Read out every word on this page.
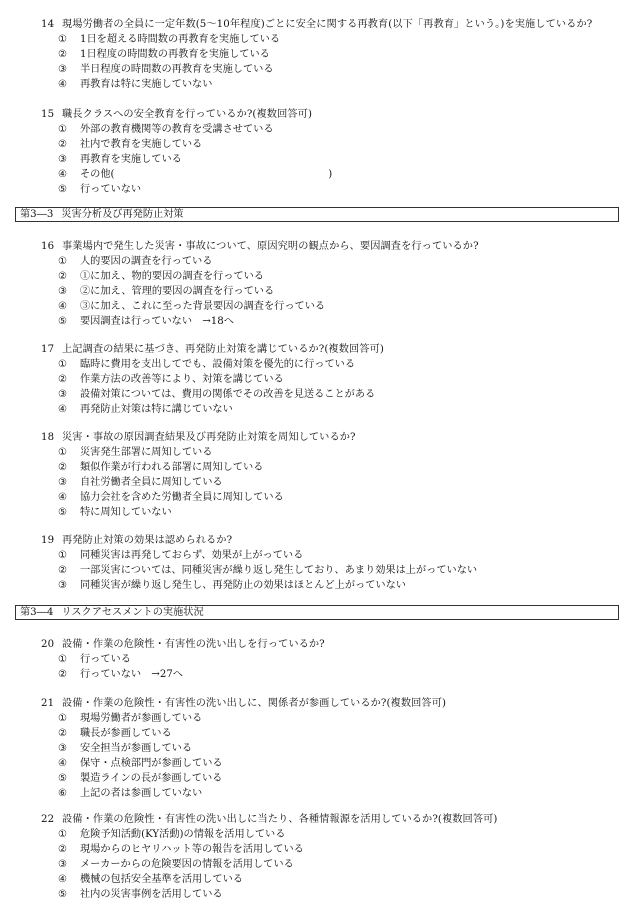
14 現場労働者の全員に一定年数(5〜10年程度)ごとに安全に関する再教育(以下「再教育」という。)を実施しているか?
① 1日を超える時間数の再教育を実施している
② 1日程度の時間数の再教育を実施している
③ 半日程度の時間数の再教育を実施している
④ 再教育は特に実施していない
15 職長クラスへの安全教育を行っているか?(複数回答可)
① 外部の教育機関等の教育を受講させている
② 社内で教育を実施している
③ 再教育を実施している
④ その他(                                                                  )
⑤ 行っていない
第3―3 災害分析及び再発防止対策
16 事業場内で発生した災害・事故について、原因究明の観点から、要因調査を行っているか?
① 人的要因の調査を行っている
② ①に加え、物的要因の調査を行っている
③ ②に加え、管理的要因の調査を行っている
④ ③に加え、これに至った背景要因の調査を行っている
⑤ 要因調査は行っていない　→18へ
17 上記調査の結果に基づき、再発防止対策を講じているか?(複数回答可)
① 臨時に費用を支出してでも、設備対策を優先的に行っている
② 作業方法の改善等により、対策を講じている
③ 設備対策については、費用の関係でその改善を見送ることがある
④ 再発防止対策は特に講じていない
18 災害・事故の原因調査結果及び再発防止対策を周知しているか?
① 災害発生部署に周知している
② 類似作業が行われる部署に周知している
③ 自社労働者全員に周知している
④ 協力会社を含めた労働者全員に周知している
⑤ 特に周知していない
19 再発防止対策の効果は認められるか?
① 同種災害は再発しておらず、効果が上がっている
② 一部災害については、同種災害が繰り返し発生しており、あまり効果は上がっていない
③ 同種災害が繰り返し発生し、再発防止の効果はほとんど上がっていない
第3―4 リスクアセスメントの実施状況
20 設備・作業の危険性・有害性の洗い出しを行っているか?
① 行っている
② 行っていない　→27へ
21 設備・作業の危険性・有害性の洗い出しに、関係者が参画しているか?(複数回答可)
① 現場労働者が参画している
② 職長が参画している
③ 安全担当が参画している
④ 保守・点検部門が参画している
⑤ 製造ラインの長が参画している
⑥ 上記の者は参画していない
22 設備・作業の危険性・有害性の洗い出しに当たり、各種情報源を活用しているか?(複数回答可)
① 危険予知活動(KY活動)の情報を活用している
② 現場からのヒヤリハット等の報告を活用している
③ メーカーからの危険要因の情報を活用している
④ 機械の包括安全基準を活用している
⑤ 社内の災害事例を活用している
